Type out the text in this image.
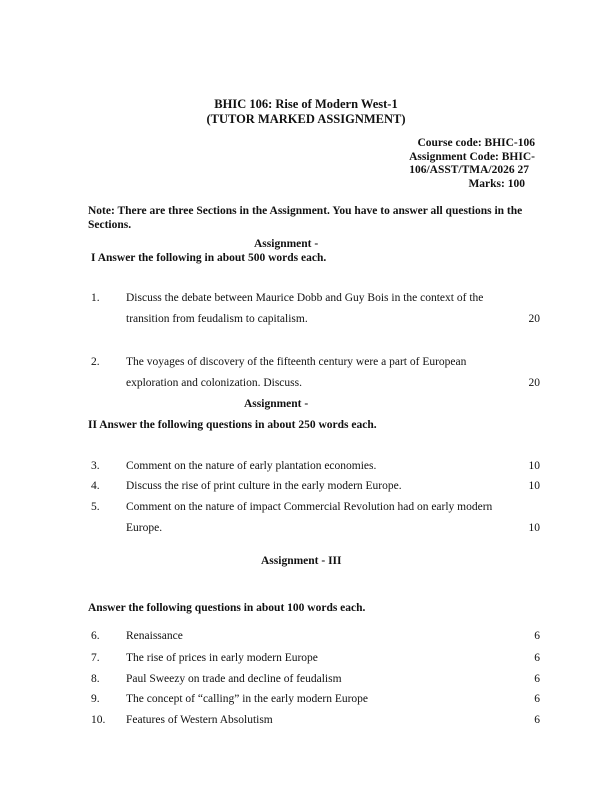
BHIC 106: Rise of Modern West-1
(TUTOR MARKED ASSIGNMENT)
Course code: BHIC-106
Assignment Code: BHIC-
106/ASST/TMA/2026 27
Marks: 100
Note: There are three Sections in the Assignment. You have to answer all questions in the Sections.
Assignment -
I Answer the following in about 500 words each.
1. Discuss the debate between Maurice Dobb and Guy Bois in the context of the
transition from feudalism to capitalism.	20
2. The voyages of discovery of the fifteenth century were a part of European
exploration and colonization. Discuss.	20
Assignment -
II Answer the following questions in about 250 words each.
3. Comment on the nature of early plantation economies.	10
4. Discuss the rise of print culture in the early modern Europe.	10
5. Comment on the nature of impact Commercial Revolution had on early modern
Europe.	10
Assignment - III
Answer the following questions in about 100 words each.
6. Renaissance	6
7. The rise of prices in early modern Europe	6
8. Paul Sweezy on trade and decline of feudalism	6
9. The concept of “calling” in the early modern Europe	6
10. Features of Western Absolutism	6
